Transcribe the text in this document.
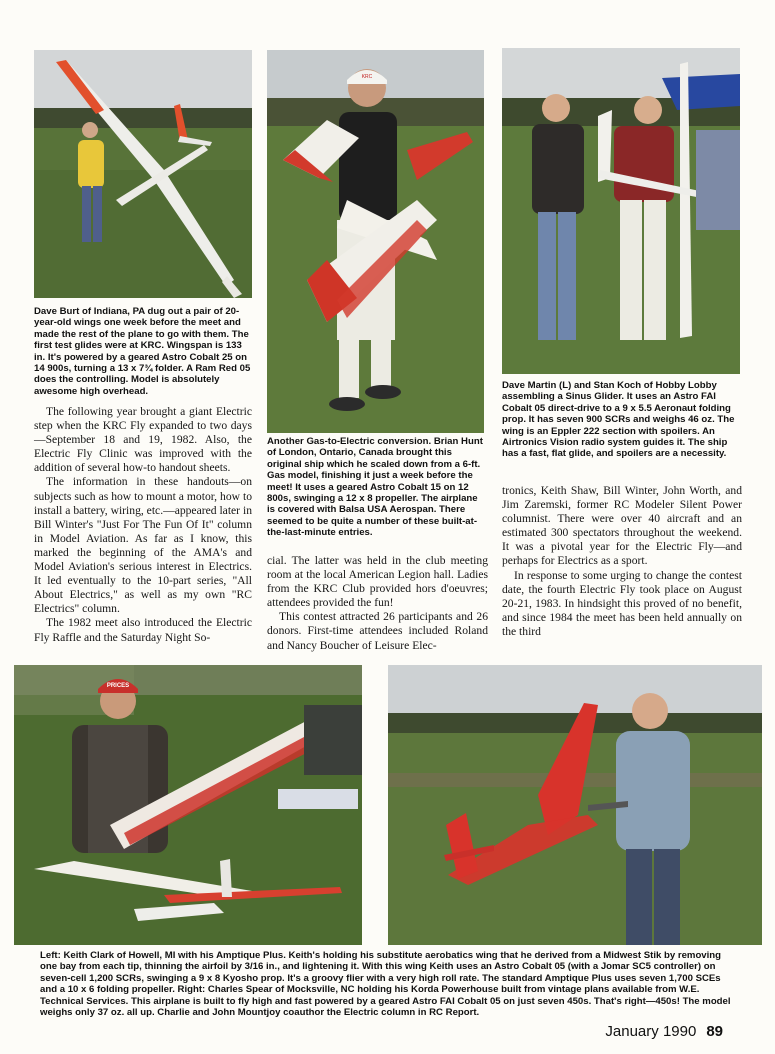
Dave Burt of Indiana, PA dug out a pair of 20-year-old wings one week before the meet and made the rest of the plane to go with them. The first test glides were at KRC. Wingspan is 133 in. It's powered by a geared Astro Cobalt 25 on 14 900s, turning a 13 x 7¾ folder. A Ram Red 05 does the controlling. Model is absolutely awesome high overhead.

KRC

Another Gas-to-Electric conversion. Brian Hunt of London, Ontario, Canada brought this original ship which he scaled down from a 6-ft. Gas model, finishing it just a week before the meet! It uses a geared Astro Cobalt 15 on 12 800s, swinging a 12 x 8 propeller. The airplane is covered with Balsa USA Aerospan. There seemed to be quite a number of these built-at-the-last-minute entries.

Dave Martin (L) and Stan Koch of Hobby Lobby assembling a Sinus Glider. It uses an Astro FAI Cobalt 05 direct-drive to a 9 x 5.5 Aeronaut folding prop. It has seven 900 SCRs and weighs 46 oz. The wing is an Eppler 222 section with spoilers. An Airtronics Vision radio system guides it. The ship has a fast, flat glide, and spoilers are a necessity.

The following year brought a giant Electric step when the KRC Fly expanded to two days—September 18 and 19, 1982. Also, the Electric Fly Clinic was improved with the addition of several how-to handout sheets.

The information in these handouts—on subjects such as how to mount a motor, how to install a battery, wiring, etc.—appeared later in Bill Winter's "Just For The Fun Of It" column in Model Aviation. As far as I know, this marked the beginning of the AMA's and Model Aviation's serious interest in Electrics. It led eventually to the 10-part series, "All About Electrics," as well as my own "RC Electrics" column.

The 1982 meet also introduced the Electric Fly Raffle and the Saturday Night So-

cial. The latter was held in the club meeting room at the local American Legion hall. Ladies from the KRC Club provided hors d'oeuvres; attendees provided the fun!

This contest attracted 26 participants and 26 donors. First-time attendees included Roland and Nancy Boucher of Leisure Elec-

tronics, Keith Shaw, Bill Winter, John Worth, and Jim Zaremski, former RC Modeler Silent Power columnist. There were over 40 aircraft and an estimated 300 spectators throughout the weekend. It was a pivotal year for the Electric Fly—and perhaps for Electrics as a sport.

In response to some urging to change the contest date, the fourth Electric Fly took place on August 20-21, 1983. In hindsight this proved of no benefit, and since 1984 the meet has been held annually on the third

PRICES

Left: Keith Clark of Howell, MI with his Amptique Plus. Keith's holding his substitute aerobatics wing that he derived from a Midwest Stik by removing one bay from each tip, thinning the airfoil by 3/16 in., and lightening it. With this wing Keith uses an Astro Cobalt 05 (with a Jomar SC5 controller) on seven-cell 1,200 SCRs, swinging a 9 x 8 Kyosho prop. It's a groovy flier with a very high roll rate. The standard Amptique Plus uses seven 1,700 SCEs and a 10 x 6 folding propeller. Right: Charles Spear of Mocksville, NC holding his Korda Powerhouse built from vintage plans available from W.E. Technical Services. This airplane is built to fly high and fast powered by a geared Astro FAI Cobalt 05 on just seven 450s. That's right—450s! The model weighs only 37 oz. all up. Charlie and John Mountjoy coauthor the Electric column in RC Report.

January 1990 89
